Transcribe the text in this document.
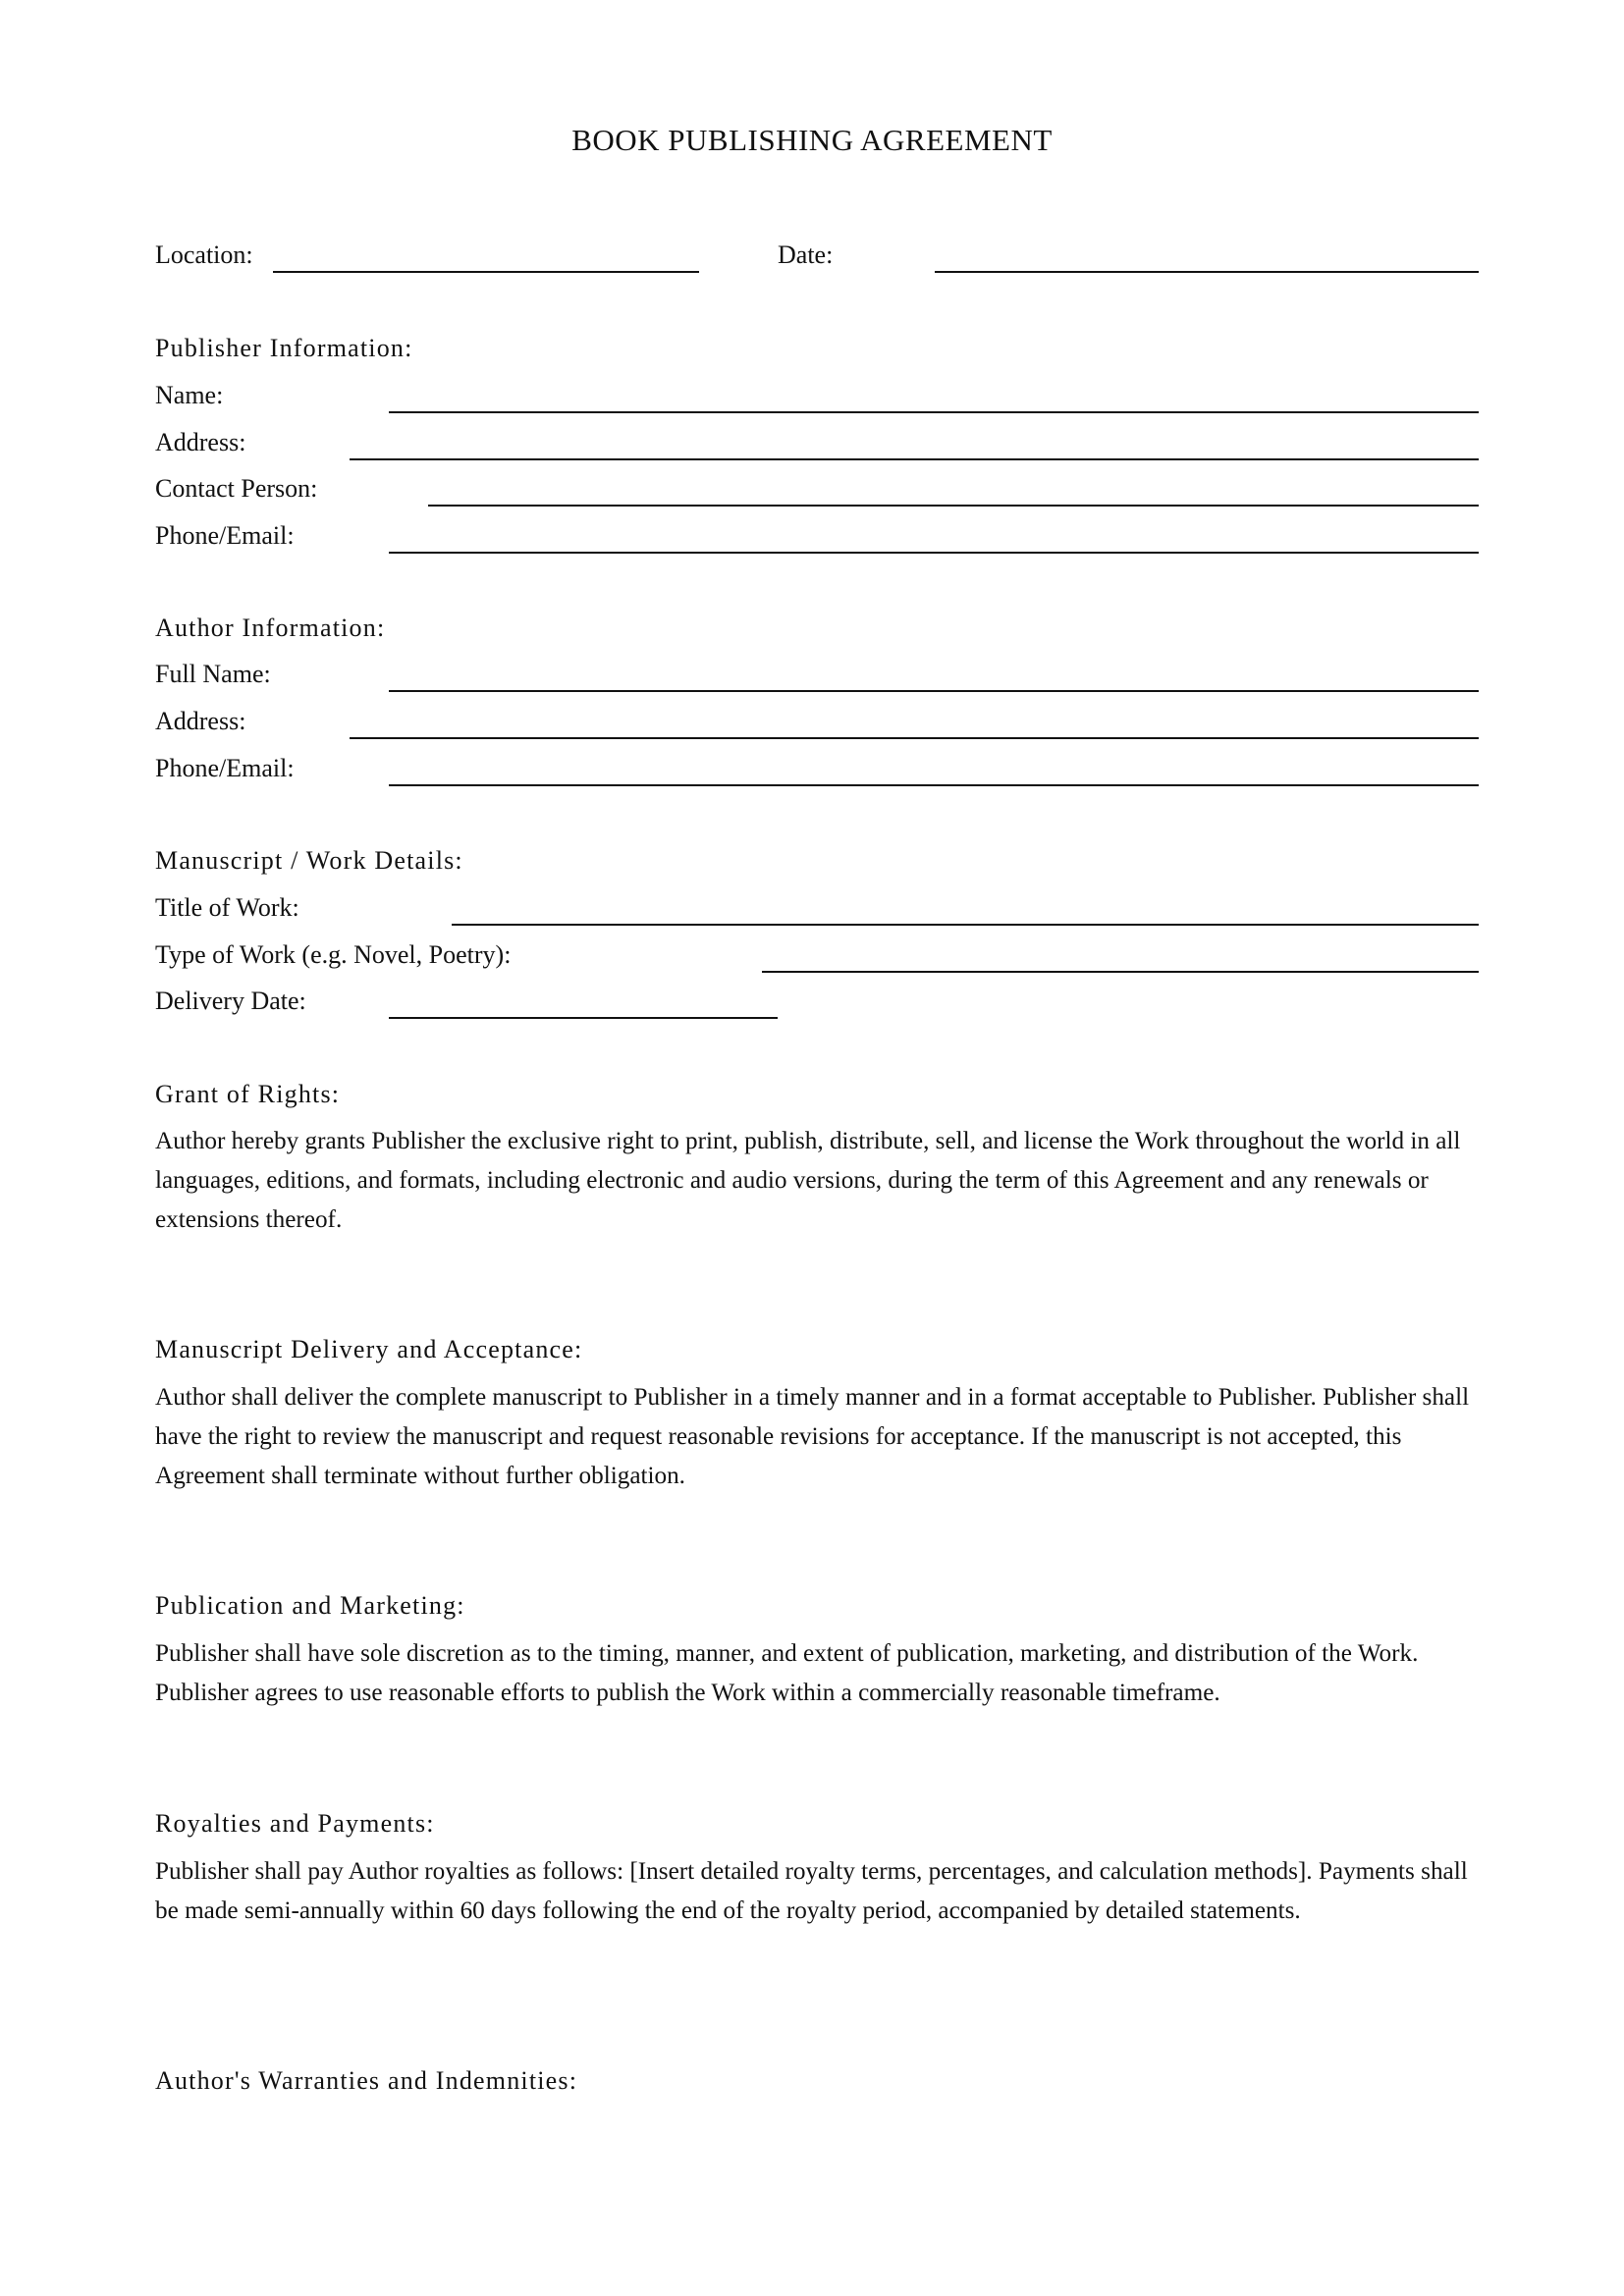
BOOK PUBLISHING AGREEMENT
Location:	Date:
Publisher Information:
Name:
Address:
Contact Person:
Phone/Email:
Author Information:
Full Name:
Address:
Phone/Email:
Manuscript / Work Details:
Title of Work:
Type of Work (e.g. Novel, Poetry):
Delivery Date:
Grant of Rights:

Author hereby grants Publisher the exclusive right to print, publish, distribute, sell, and license the Work throughout the world in all languages, editions, and formats, including electronic and audio versions, during the term of this Agreement and any renewals or extensions thereof.

Manuscript Delivery and Acceptance:

Author shall deliver the complete manuscript to Publisher in a timely manner and in a format acceptable to Publisher. Publisher shall have the right to review the manuscript and request reasonable revisions for acceptance. If the manuscript is not accepted, this Agreement shall terminate without further obligation.

Publication and Marketing:

Publisher shall have sole discretion as to the timing, manner, and extent of publication, marketing, and distribution of the Work. Publisher agrees to use reasonable efforts to publish the Work within a commercially reasonable timeframe.

Royalties and Payments:

Publisher shall pay Author royalties as follows: [Insert detailed royalty terms, percentages, and calculation methods]. Payments shall be made semi-annually within 60 days following the end of the royalty period, accompanied by detailed statements.

Author's Warranties and Indemnities:
